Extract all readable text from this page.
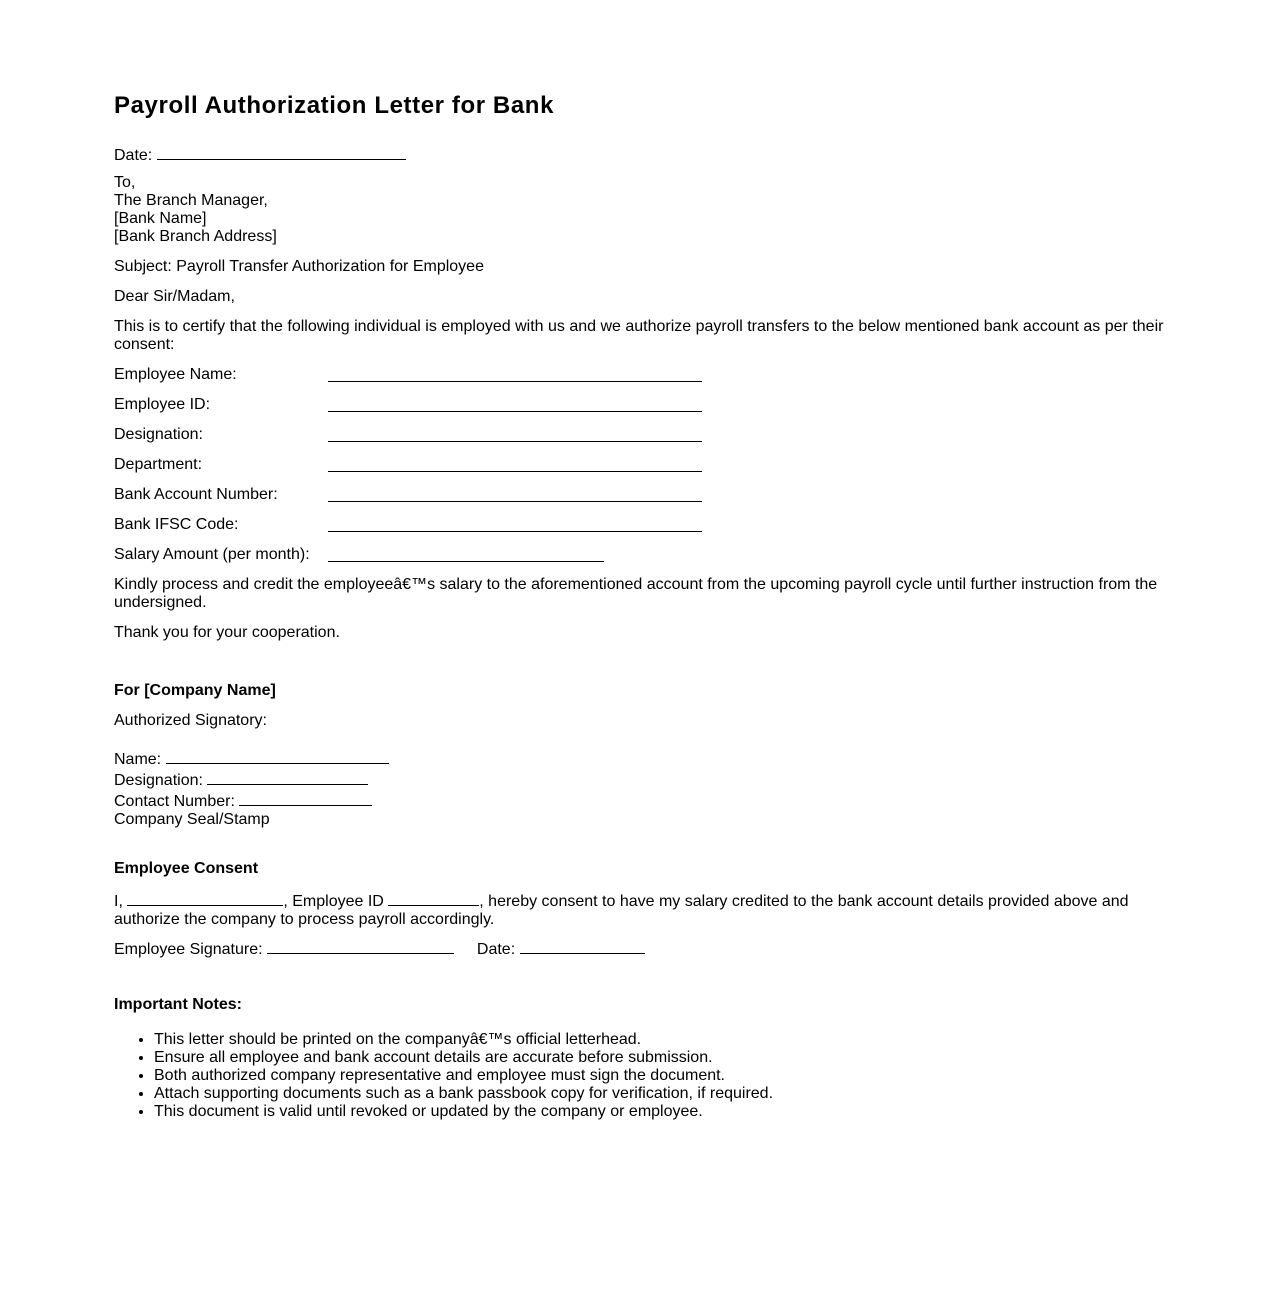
Payroll Authorization Letter for Bank
Date:
To,
The Branch Manager,
[Bank Name]
[Bank Branch Address]

Subject: Payroll Transfer Authorization for Employee

Dear Sir/Madam,

This is to certify that the following individual is employed with us and we authorize payroll transfers to the below mentioned bank account as per their consent:

Employee Name:
Employee ID:
Designation:
Department:
Bank Account Number:
Bank IFSC Code:
Salary Amount (per month):

Kindly process and credit the employeeâ€™s salary to the aforementioned account from the upcoming payroll cycle until further instruction from the undersigned.

Thank you for your cooperation.

For [Company Name]

Authorized Signatory:

Name:
Designation:
Contact Number:
Company Seal/Stamp

Employee Consent

I,	, Employee ID	, hereby consent to have my salary credited to the bank account details provided above and
authorize the company to process payroll accordingly.
Employee Signature:	Date:

Important Notes:

• This letter should be printed on the companyâ€™s official letterhead.
• Ensure all employee and bank account details are accurate before submission.
• Both authorized company representative and employee must sign the document.
• Attach supporting documents such as a bank passbook copy for verification, if required.
• This document is valid until revoked or updated by the company or employee.
